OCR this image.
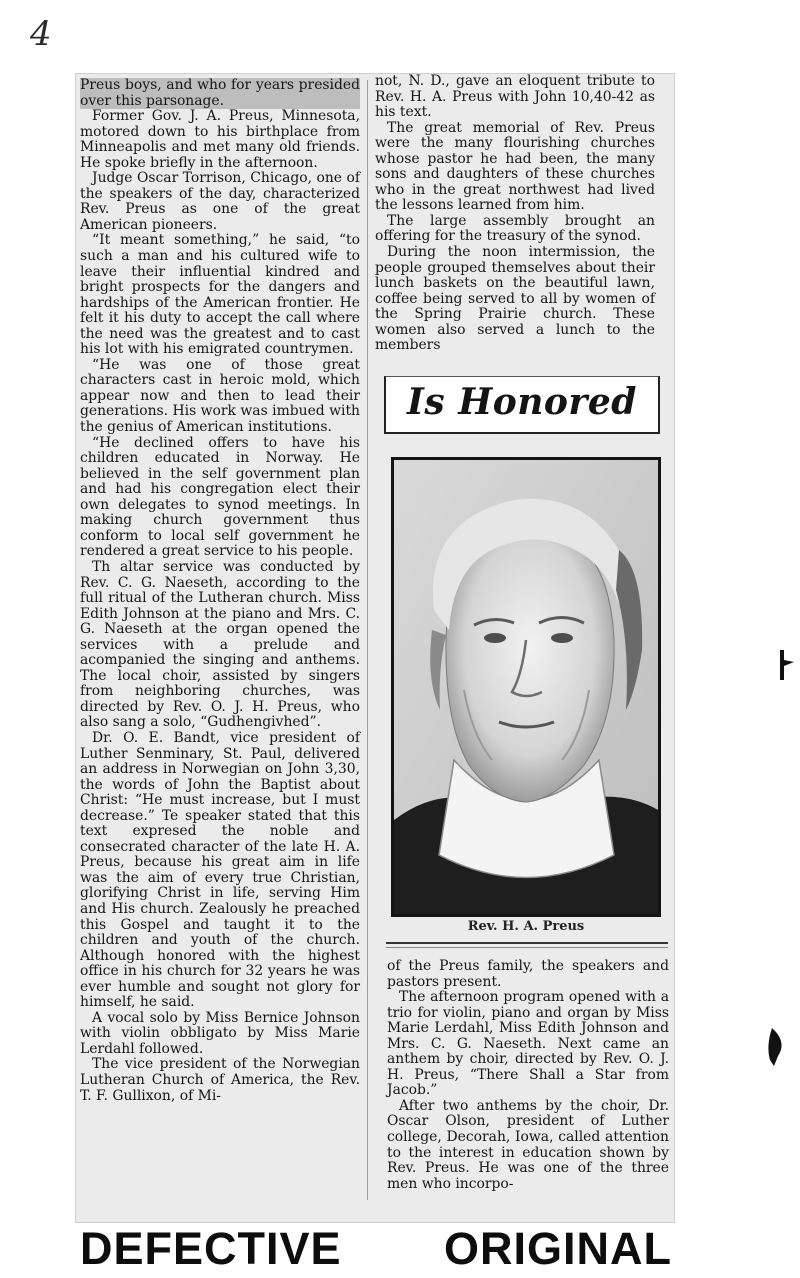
4

Preus boys, and who for years presided over this parsonage.

Former Gov. J. A. Preus, Minnesota, motored down to his birthplace from Minneapolis and met many old friends. He spoke briefly in the afternoon.

Judge Oscar Torrison, Chicago, one of the speakers of the day, characterized Rev. Preus as one of the great American pioneers.

“It meant something,” he said, “to such a man and his cultured wife to leave their influential kindred and bright prospects for the dangers and hardships of the American frontier. He felt it his duty to accept the call where the need was the greatest and to cast his lot with his emigrated countrymen.

“He was one of those great characters cast in heroic mold, which appear now and then to lead their generations. His work was imbued with the genius of American institutions.

“He declined offers to have his children educated in Norway. He believed in the self government plan and had his congregation elect their own delegates to synod meetings. In making church government thus conform to local self government he rendered a great service to his people.

Th altar service was conducted by Rev. C. G. Naeseth, according to the full ritual of the Lutheran church. Miss Edith Johnson at the piano and Mrs. C. G. Naeseth at the organ opened the services with a prelude and acompanied the singing and anthems. The local choir, assisted by singers from neighboring churches, was directed by Rev. O. J. H. Preus, who also sang a solo, “Gudhengivhed”.

Dr. O. E. Bandt, vice president of Luther Senminary, St. Paul, delivered an address in Norwegian on John 3,30, the words of John the Baptist about Christ: “He must increase, but I must decrease.” Te speaker stated that this text expresed the noble and consecrated character of the late H. A. Preus, because his great aim in life was the aim of every true Christian, glorifying Christ in life, serving Him and His church. Zealously he preached this Gospel and taught it to the children and youth of the church. Although honored with the highest office in his church for 32 years he was ever humble and sought not glory for himself, he said.

A vocal solo by Miss Bernice Johnson with violin obbligato by Miss Marie Lerdahl followed.

The vice president of the Norwegian Lutheran Church of America, the Rev. T. F. Gullixon, of Mi-

not, N. D., gave an eloquent tribute to Rev. H. A. Preus with John 10,40-42 as his text.

The great memorial of Rev. Preus were the many flourishing churches whose pastor he had been, the many sons and daughters of these churches who in the great northwest had lived the lessons learned from him.

The large assembly brought an offering for the treasury of the synod.

During the noon intermission, the people grouped themselves about their lunch baskets on the beautiful lawn, coffee being served to all by women of the Spring Prairie church. These women also served a lunch to the members

Is Honored
Rev. H. A. Preus

of the Preus family, the speakers and pastors present.

The afternoon program opened with a trio for violin, piano and organ by Miss Marie Lerdahl, Miss Edith Johnson and Mrs. C. G. Naeseth. Next came an anthem by choir, directed by Rev. O. J. H. Preus, “There Shall a Star from Jacob.”

After two anthems by the choir, Dr. Oscar Olson, president of Luther college, Decorah, Iowa, called attention to the interest in education shown by Rev. Preus. He was one of the three men who incorpo-

DEFECTIVE ORIGINAL
